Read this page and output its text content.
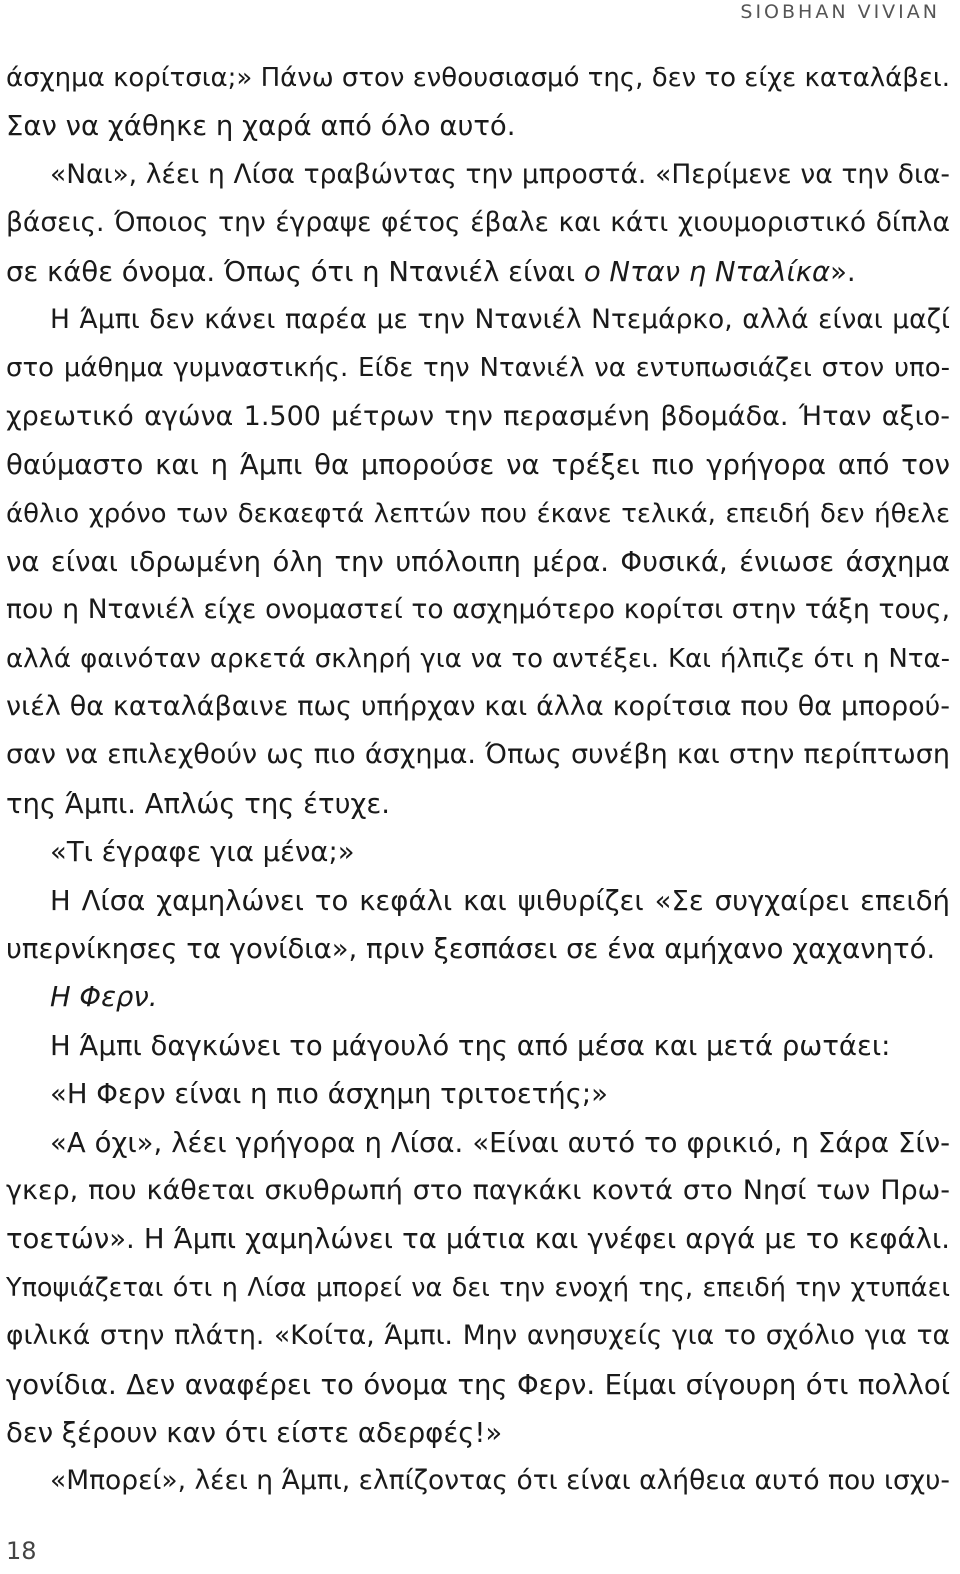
SIOBHAN VIVIAN
άσχημα κορίτσια;» Πάνω στον ενθουσιασμό της, δεν το είχε καταλάβει.
Σαν να χάθηκε η χαρά από όλο αυτό.
«Ναι», λέει η Λίσα τραβώντας την μπροστά. «Περίμενε να την δια-
βάσεις. Όποιος την έγραψε φέτος έβαλε και κάτι χιουμοριστικό δίπλα
σε κάθε όνομα. Όπως ότι η Ντανιέλ είναι ο Νταν η Νταλίκα».
Η Άμπι δεν κάνει παρέα με την Ντανιέλ Ντεμάρκο, αλλά είναι μαζί
στο μάθημα γυμναστικής. Είδε την Ντανιέλ να εντυπωσιάζει στον υπο-
χρεωτικό αγώνα 1.500 μέτρων την περασμένη βδομάδα. Ήταν αξιο-
θαύμαστο και η Άμπι θα μπορούσε να τρέξει πιο γρήγορα από τον
άθλιο χρόνο των δεκαεφτά λεπτών που έκανε τελικά, επειδή δεν ήθελε
να είναι ιδρωμένη όλη την υπόλοιπη μέρα. Φυσικά, ένιωσε άσχημα
που η Ντανιέλ είχε ονομαστεί το ασχημότερο κορίτσι στην τάξη τους,
αλλά φαινόταν αρκετά σκληρή για να το αντέξει. Και ήλπιζε ότι η Ντα-
νιέλ θα καταλάβαινε πως υπήρχαν και άλλα κορίτσια που θα μπορού-
σαν να επιλεχθούν ως πιο άσχημα. Όπως συνέβη και στην περίπτωση
της Άμπι. Απλώς της έτυχε.
«Τι έγραφε για μένα;»
Η Λίσα χαμηλώνει το κεφάλι και ψιθυρίζει «Σε συγχαίρει επειδή
υπερνίκησες τα γονίδια», πριν ξεσπάσει σε ένα αμήχανο χαχανητό.
Η Φερν.
Η Άμπι δαγκώνει το μάγουλό της από μέσα και μετά ρωτάει:
«Η Φερν είναι η πιο άσχημη τριτοετής;»
«Α όχι», λέει γρήγορα η Λίσα. «Είναι αυτό το φρικιό, η Σάρα Σίν-
γκερ, που κάθεται σκυθρωπή στο παγκάκι κοντά στο Νησί των Πρω-
τοετών». Η Άμπι χαμηλώνει τα μάτια και γνέφει αργά με το κεφάλι.
Υποψιάζεται ότι η Λίσα μπορεί να δει την ενοχή της, επειδή την χτυπάει
φιλικά στην πλάτη. «Κοίτα, Άμπι. Μην ανησυχείς για το σχόλιο για τα
γονίδια. Δεν αναφέρει το όνομα της Φερν. Είμαι σίγουρη ότι πολλοί
δεν ξέρουν καν ότι είστε αδερφές!»
«Μπορεί», λέει η Άμπι, ελπίζοντας ότι είναι αλήθεια αυτό που ισχυ-
18
